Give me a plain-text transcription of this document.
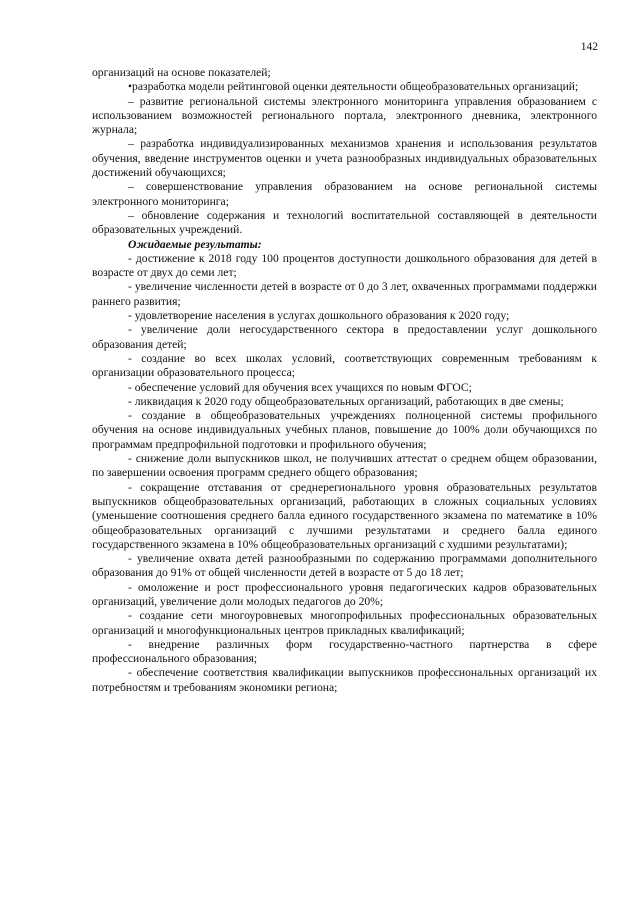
142

организаций на основе показателей;

•разработка модели рейтинговой оценки деятельности общеобразовательных организаций;

– развитие региональной системы электронного мониторинга управления образованием с использованием возможностей регионального портала, электронного дневника, электронного журнала;

– разработка индивидуализированных механизмов хранения и использования результатов обучения, введение инструментов оценки и учета разнообразных индивидуальных образовательных достижений обучающихся;

– совершенствование управления образованием на основе региональной системы электронного мониторинга;

– обновление содержания и технологий воспитательной составляющей в деятельности образовательных учреждений.

Ожидаемые результаты:

- достижение к 2018 году 100 процентов доступности дошкольного образования для детей в возрасте от двух до семи лет;

- увеличение численности детей в возрасте от 0 до 3 лет, охваченных программами поддержки раннего развития;

- удовлетворение населения в услугах дошкольного образования к 2020 году;

- увеличение доли негосударственного сектора в предоставлении услуг дошкольного образования детей;

- создание во всех школах условий, соответствующих современным требованиям к организации образовательного процесса;

- обеспечение условий для обучения всех учащихся по новым ФГОС;

- ликвидация к 2020 году общеобразовательных организаций, работающих в две смены;

- создание в общеобразовательных учреждениях полноценной системы профильного обучения на основе индивидуальных учебных планов, повышение до 100% доли обучающихся по программам предпрофильной подготовки и профильного обучения;

- снижение доли выпускников школ, не получивших аттестат о среднем общем образовании, по завершении освоения программ среднего общего образования;

- сокращение отставания от среднерегионального уровня образовательных результатов выпускников общеобразовательных организаций, работающих в сложных социальных условиях (уменьшение соотношения среднего балла единого государственного экзамена по математике в 10% общеобразовательных организаций с лучшими результатами и среднего балла единого государственного экзамена в 10% общеобразовательных организаций с худшими результатами);

- увеличение охвата детей разнообразными по содержанию программами дополнительного образования до 91% от общей численности детей в возрасте от 5 до 18 лет;

- омоложение и рост профессионального уровня педагогических кадров образовательных организаций, увеличение доли молодых педагогов до 20%;

- создание сети многоуровневых многопрофильных профессиональных образовательных организаций и многофункциональных центров прикладных квалификаций;

- внедрение различных форм государственно-частного партнерства в сфере профессионального образования;

- обеспечение соответствия квалификации выпускников профессиональных организаций их потребностям и требованиям экономики региона;
